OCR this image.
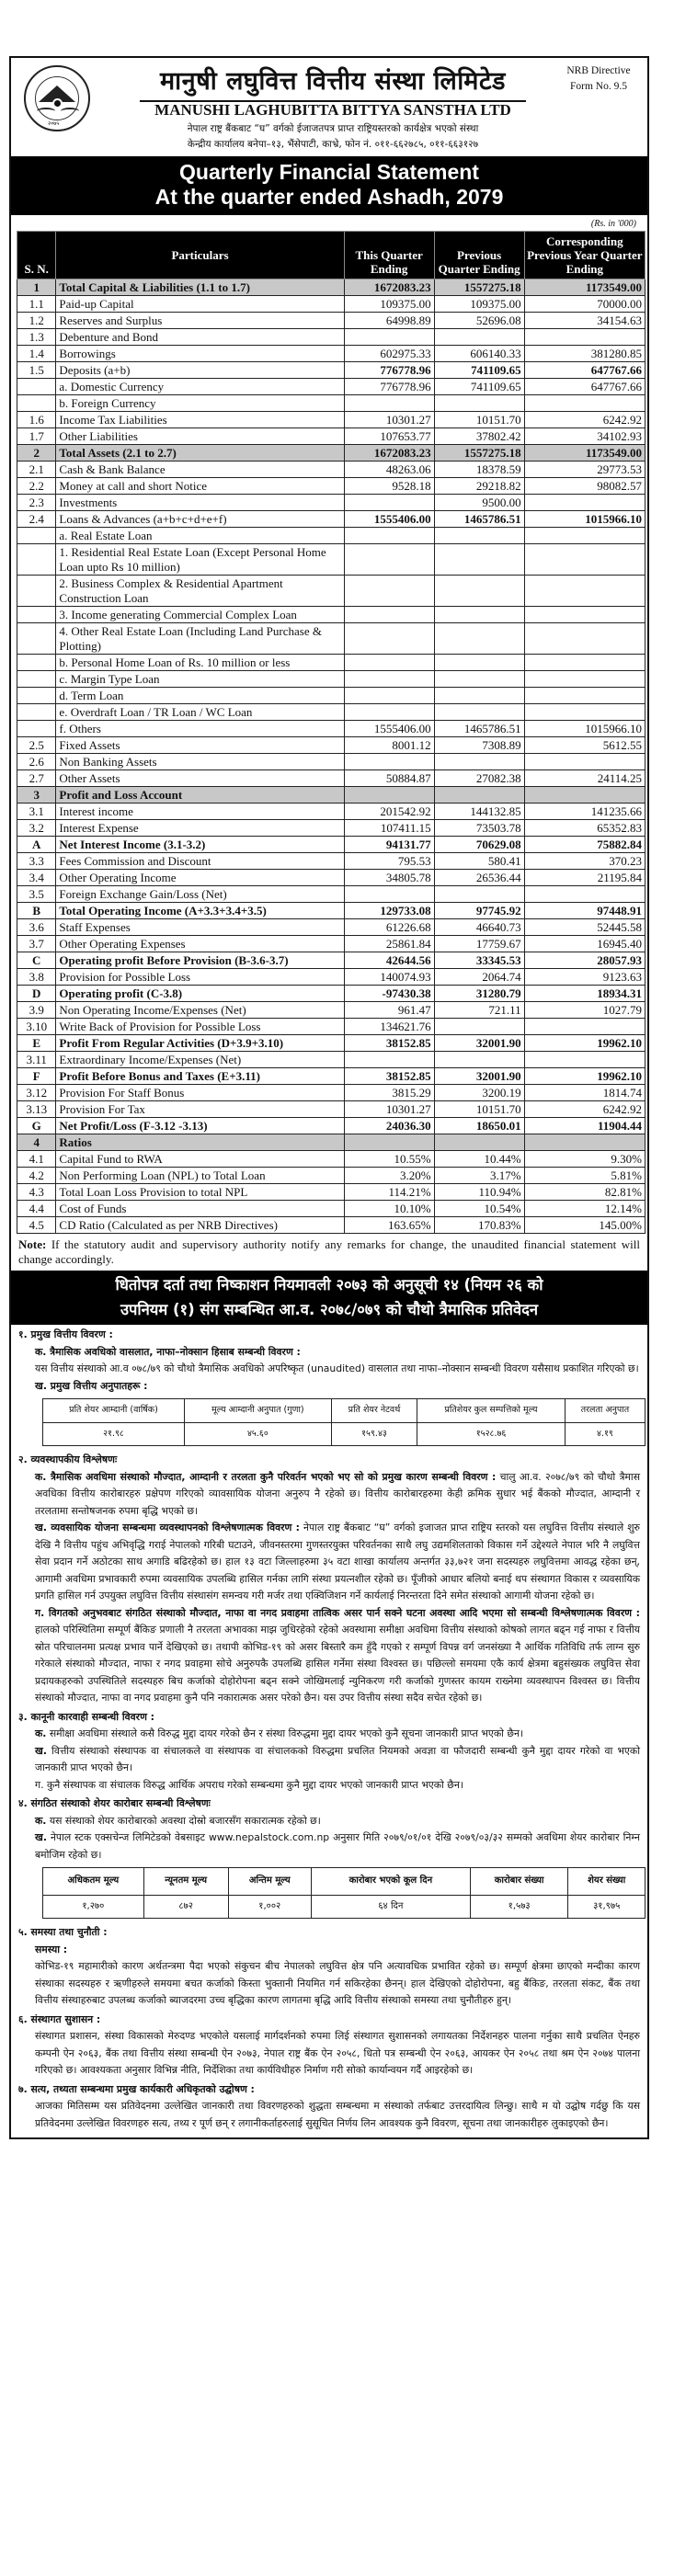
२०७५
मानुषी लघुवित्त वित्तीय संस्था लिमिटेड
MANUSHI LAGHUBITTA BITTYA SANSTHA LTD
नेपाल राष्ट्र बैंकबाट “घ” वर्गको ईजाजतपत्र प्राप्त राष्ट्रियस्तरको कार्यक्षेत्र भएको संस्था
केन्द्रीय कार्यालय बनेपा–१३, भैंसेपाटी, काभ्रे, फोन नं. ०११-६६२७८५, ०११-६६३१२७
NRB Directive
Form No. 9.5
Quarterly Financial Statement
At the quarter ended Ashadh, 2079
(Rs. in '000)
S. N.	Particulars	This Quarter Ending	Previous Quarter Ending	Corresponding Previous Year Quarter Ending
1	Total Capital & Liabilities (1.1 to 1.7)	1672083.23	1557275.18	1173549.00
1.1	Paid-up Capital	109375.00	109375.00	70000.00
1.2	Reserves and Surplus	64998.89	52696.08	34154.63
1.3	Debenture and Bond			
1.4	Borrowings	602975.33	606140.33	381280.85
1.5	Deposits (a+b)	776778.96	741109.65	647767.66
	a. Domestic Currency	776778.96	741109.65	647767.66
	b. Foreign Currency			
1.6	Income Tax Liabilities	10301.27	10151.70	6242.92
1.7	Other Liabilities	107653.77	37802.42	34102.93
2	Total Assets (2.1 to 2.7)	1672083.23	1557275.18	1173549.00
2.1	Cash & Bank Balance	48263.06	18378.59	29773.53
2.2	Money at call and short Notice	9528.18	29218.82	98082.57
2.3	Investments		9500.00	
2.4	Loans & Advances (a+b+c+d+e+f)	1555406.00	1465786.51	1015966.10
	a. Real Estate Loan			
	1. Residential Real Estate Loan (Except Personal Home Loan upto Rs 10 million)			
	2. Business Complex & Residential Apartment Construction Loan			
	3. Income generating Commercial Complex Loan			
	4. Other Real Estate Loan (Including Land Purchase & Plotting)			
	b. Personal Home Loan of Rs. 10 million or less			
	c. Margin Type Loan			
	d. Term Loan			
	e. Overdraft Loan / TR Loan / WC Loan			
	f. Others	1555406.00	1465786.51	1015966.10
2.5	Fixed Assets	8001.12	7308.89	5612.55
2.6	Non Banking Assets			
2.7	Other Assets	50884.87	27082.38	24114.25
3	Profit and Loss Account			
3.1	Interest income	201542.92	144132.85	141235.66
3.2	Interest Expense	107411.15	73503.78	65352.83
A	Net Interest Income (3.1-3.2)	94131.77	70629.08	75882.84
3.3	Fees Commission and Discount	795.53	580.41	370.23
3.4	Other Operating Income	34805.78	26536.44	21195.84
3.5	Foreign Exchange Gain/Loss (Net)			
B	Total Operating Income (A+3.3+3.4+3.5)	129733.08	97745.92	97448.91
3.6	Staff Expenses	61226.68	46640.73	52445.58
3.7	Other Operating Expenses	25861.84	17759.67	16945.40
C	Operating profit Before Provision (B-3.6-3.7)	42644.56	33345.53	28057.93
3.8	Provision for Possible Loss	140074.93	2064.74	9123.63
D	Operating profit (C-3.8)	-97430.38	31280.79	18934.31
3.9	Non Operating Income/Expenses (Net)	961.47	721.11	1027.79
3.10	Write Back of Provision for Possible Loss	134621.76		
E	Profit From Regular Activities (D+3.9+3.10)	38152.85	32001.90	19962.10
3.11	Extraordinary Income/Expenses (Net)			
F	Profit Before Bonus and Taxes (E+3.11)	38152.85	32001.90	19962.10
3.12	Provision For Staff Bonus	3815.29	3200.19	1814.74
3.13	Provision For Tax	10301.27	10151.70	6242.92
G	Net Profit/Loss (F-3.12 -3.13)	24036.30	18650.01	11904.44
4	Ratios			
4.1	Capital Fund to RWA	10.55%	10.44%	9.30%
4.2	Non Performing Loan (NPL) to Total Loan	3.20%	3.17%	5.81%
4.3	Total Loan Loss Provision to total NPL	114.21%	110.94%	82.81%
4.4	Cost of Funds	10.10%	10.54%	12.14%
4.5	CD Ratio (Calculated as per NRB Directives)	163.65%	170.83%	145.00%
Note: If the statutory audit and supervisory authority notify any remarks for change, the unaudited financial statement will change accordingly.
धितोपत्र दर्ता तथा निष्काशन नियमावली २०७३ को अनुसूची १४ (नियम २६ को
उपनियम (१) संग सम्बन्धित आ.व. २०७८/०७९ को चौथो त्रैमासिक प्रतिवेदन
१. प्रमुख वित्तीय विवरण :
क. त्रैमासिक अवधिको वासलात, नाफा–नोक्सान हिसाब सम्बन्धी विवरण :
यस वित्तीय संस्थाको आ.व ०७८/७९ को चौथो त्रैमासिक अवधिको अपरिष्कृत (unaudited) वासलात तथा नाफा–नोक्सान सम्बन्धी विवरण यसैसाथ प्रकाशित गरिएको छ।
ख. प्रमुख वित्तीय अनुपातहरू :
प्रति शेयर आम्दानी (वार्षिक)	मूल्य आम्दानी अनुपात (गुणा)	प्रति शेयर नेटवर्थ	प्रतिशेयर कुल सम्पत्तिको मूल्य	तरलता अनुपात
२१.९८	४५.६०	१५९.४३	१५२८.७६	४.१९
२. व्यवस्थापकीय विश्लेषणः
क. त्रैमासिक अवधिमा संस्थाको मौज्दात, आम्दानी र तरलता कुनै परिवर्तन भएको भए सो को प्रमुख कारण सम्बन्धी विवरण : चालु आ.व. २०७८/७९ को चौथो त्रैमास अवधिका वित्तीय कारोबारहरु प्रक्षेपण गरिएको व्यावसायिक योजना अनुरुप नै रहेको छ। वित्तीय कारोबारहरुमा केही क्रमिक सुधार भई बैंकको मौज्दात, आम्दानी र तरलतामा सन्तोषजनक रुपमा बृद्धि भएको छ।
ख. व्यवसायिक योजना सम्बन्धमा व्यवस्थापनको विश्लेषणात्मक विवरण : नेपाल राष्ट्र बैंकबाट “घ” वर्गको इजाजत प्राप्त राष्ट्रिय स्तरको यस लघुवित्त वित्तीय संस्थाले शुरु देखि नै वित्तीय पहुंच अभिवृद्धि गराई नेपालको गरिबी घटाउने, जीवनस्तरमा गुणस्तरयुक्त परिवर्तनका साथै लघु उद्यमशिलताको विकास गर्ने उद्देश्यले नेपाल भरि नै लघुवित्त सेवा प्रदान गर्ने अठोटका साथ अगाडि बढिरहेको छ। हाल १३ वटा जिल्लाहरुमा ३५ वटा शाखा कार्यालय अन्तर्गत ३३,७२१ जना सदस्यहरु लघुवित्तमा आवद्ध रहेका छन्, आगामी अवधिमा प्रभावकारी रुपमा व्यवसायिक उपलब्धि हासिल गर्नका लागि संस्था प्रयत्नशील रहेको छ। पूँजीको आधार बलियो बनाई थप संस्थागत विकास र व्यवसायिक प्रगति हासिल गर्न उपयुक्त लघुवित्त वित्तीय संस्थासंग समन्वय गरी मर्जर तथा एक्विजिशन गर्ने कार्यलाई निरन्तरता दिने समेत संस्थाको आगामी योजना रहेको छ।
ग. विगतको अनुभवबाट संगठित संस्थाको मौज्दात, नाफा वा नगद प्रवाहमा तात्विक असर पार्न सक्ने घटना अवस्था आदि भएमा सो सम्बन्धी विश्लेषणात्मक विवरण : हालको परिस्थितिमा सम्पूर्ण बैंकिङ प्रणाली नै तरलता अभावका माझ जुधिरहेको रहेको अवस्थामा समीक्षा अवधिमा वित्तीय संस्थाको कोषको लागत बढ्न गई नाफा र वित्तीय स्रोत परिचालनमा प्रत्यक्ष प्रभाव पार्ने देखिएको छ। तथापी कोभिड-१९ को असर बिस्तारै कम हुँदै गएको र सम्पूर्ण विपन्न वर्ग जनसंख्या नै आर्थिक गतिविधि तर्फ लाग्न सुरु गरेकाले संस्थाको मौज्दात, नाफा र नगद प्रवाहमा सोचे अनुरुपकै उपलब्धि हासिल गर्नेमा संस्था विश्वस्त छ। पछिल्लो समयमा एकै कार्य क्षेत्रमा बहुसंख्यक लघुवित्त सेवा प्रदायकहरुको उपस्थितिले सदस्यहरु बिच कर्जाको दोहोरोपना बढ्न सक्ने जोखिमलाई न्युनिकरण गरी कर्जाको गुणस्तर कायम राख्नेमा व्यवस्थापन विश्वस्त छ। वित्तीय संस्थाको मौज्दात, नाफा वा नगद प्रवाहमा कुनै पनि नकारात्मक असर परेको छैन। यस उपर वित्तीय संस्था सदैव सचेत रहेको छ।
३. कानूनी कारवाही सम्बन्धी विवरण :
क. समीक्षा अवधिमा संस्थाले कसै विरुद्ध मुद्दा दायर गरेको छैन र संस्था विरुद्धमा मुद्दा दायर भएको कुनै सूचना जानकारी प्राप्त भएको छैन।
ख. वित्तीय संस्थाको संस्थापक वा संचालकले वा संस्थापक वा संचालकको विरुद्धमा प्रचलित नियमको अवज्ञा वा फौजदारी सम्बन्धी कुनै मुद्दा दायर गरेको वा भएको जानकारी प्राप्त भएको छैन।
ग. कुनै संस्थापक वा संचालक विरुद्ध आर्थिक अपराध गरेको सम्बन्धमा कुनै मुद्दा दायर भएको जानकारी प्राप्त भएको छैन।
४. संगठित संस्थाको शेयर कारोबार सम्बन्धी विश्लेषणः
क. यस संस्थाको शेयर कारोबारको अवस्था दोस्रो बजारसँग सकारात्मक रहेको छ।
ख. नेपाल स्टक एक्सचेन्ज लिमिटेडको वेबसाइट www.nepalstock.com.np अनुसार मिति २०७९/०१/०१ देखि २०७९/०३/३२ सम्मको अवधिमा शेयर कारोबार निम्न बमोजिम रहेको छ।
अधिकतम मूल्य	न्यूनतम मूल्य	अन्तिम मूल्य	कारोबार भएको कूल दिन	कारोबार संख्या	शेयर संख्या
१,२७०	८७२	१,००२	६४ दिन	१,५७३	३१,९७५
५. समस्या तथा चुनौती :
समस्या :
कोभिड-१९ महामारीको कारण अर्थतन्त्रमा पैदा भएको संकुचन बीच नेपालको लघुवित्त क्षेत्र पनि अत्यावधिक प्रभावित रहेको छ। सम्पूर्ण क्षेत्रमा छाएको मन्दीका कारण संस्थाका सदस्यहरु र ऋणीहरुले समयमा बचत कर्जाको किस्ता भुक्तानी नियमित गर्न सकिरहेका छैनन्। हाल देखिएको दोहोरोपना, बहु बैंकिङ, तरलता संकट, बैंक तथा वित्तीय संस्थाहरुबाट उपलब्ध कर्जाको ब्याजदरमा उच्च बृद्धिका कारण लागतमा बृद्धि आदि वित्तीय संस्थाको समस्या तथा चुनौतीहरु हुन्।
६. संस्थागत सुशासन :
संस्थागत प्रशासन, संस्था विकासको मेरुदण्ड भएकोले यसलाई मार्गदर्शनको रुपमा लिई संस्थागत सुशासनको लगायतका निर्देशनहरु पालना गर्नुका साथै प्रचलित ऐनहरु कम्पनी ऐन २०६३, बैंक तथा वित्तीय संस्था सम्बन्धी ऐन २०७३, नेपाल राष्ट्र बैंक ऐन २०५८, धितो पत्र सम्बन्धी ऐन २०६३, आयकर ऐन २०५८ तथा श्रम ऐन २०७४ पालना गरिएको छ। आवश्यकता अनुसार विभिन्न नीति, निर्देशिका तथा कार्यविधीहरु निर्माण गरी सोको कार्यान्वयन गर्दै आइरहेको छ।
७. सत्य, तथ्यता सम्बन्धमा प्रमुख कार्यकारी अधिकृतको उद्घोषण :
आजका मितिसम्म यस प्रतिवेदनमा उल्लेखित जानकारी तथा विवरणहरुको शुद्धता सम्बन्धमा म संस्थाको तर्फबाट उत्तरदायित्व लिन्छु। साथै म यो उद्घोष गर्दछु कि यस प्रतिवेदनमा उल्लेखित विवरणहरु सत्य, तथ्य र पूर्ण छन् र लगानीकर्ताहरुलाई सुसूचित निर्णय लिन आवश्यक कुनै विवरण, सूचना तथा जानकारीहरु लुकाइएको छैन।
